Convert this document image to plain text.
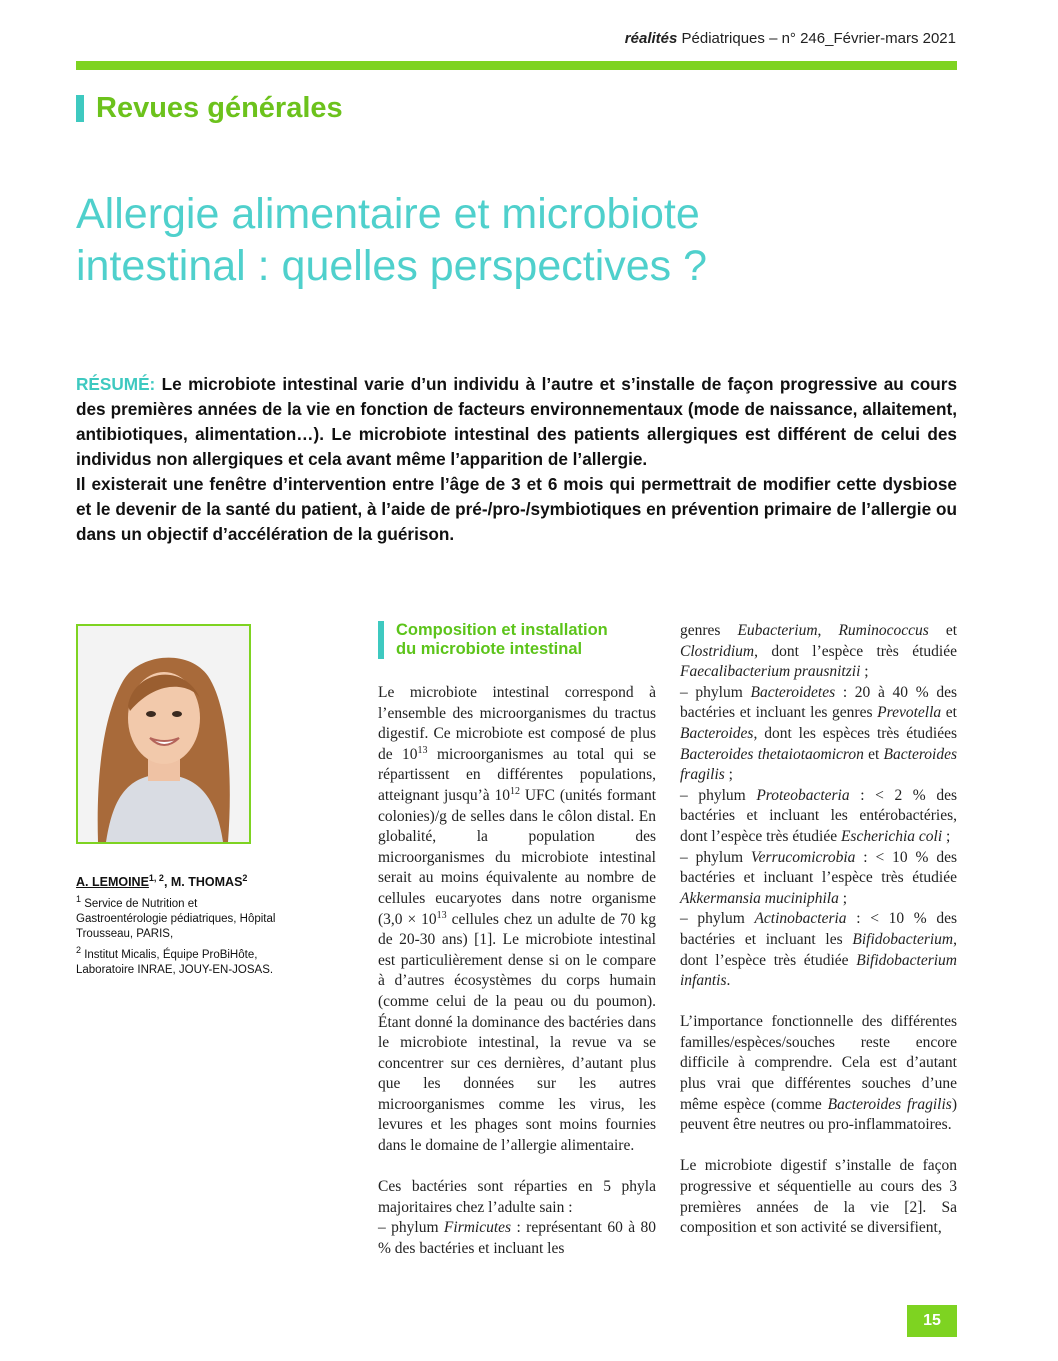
réalités Pédiatriques – n° 246_Février-mars 2021
Revues générales
Allergie alimentaire et microbiote
intestinal : quelles perspectives ?

RÉSUMÉ: Le microbiote intestinal varie d’un individu à l’autre et s’installe de façon progressive au cours des premières années de la vie en fonction de facteurs environnementaux (mode de naissance, allaitement, antibiotiques, alimentation…). Le microbiote intestinal des patients allergiques est différent de celui des individus non allergiques et cela avant même l’apparition de l’allergie.

Il existerait une fenêtre d’intervention entre l’âge de 3 et 6 mois qui permettrait de modifier cette dysbiose et le devenir de la santé du patient, à l’aide de pré-/pro-/symbiotiques en prévention primaire de l’allergie ou dans un objectif d’accélération de la guérison.

A. LEMOINE$^{1, 2}$, M. THOMAS$^2$
$^1$ Service de Nutrition et Gastroentérologie pédiatriques, Hôpital Trousseau, PARIS,
$^2$ Institut Micalis, Équipe ProBiHôte, Laboratoire INRAE, JOUY-EN-JOSAS.
Composition et installation
du microbiote intestinal

Le microbiote intestinal correspond à l’ensemble des microorganismes du tractus digestif. Ce microbiote est composé de plus de $10^{13}$ microorganismes au total qui se répartissent en différentes populations, atteignant jusqu’à $10^{12}$ UFC (unités formant colonies)/g de selles dans le côlon distal. En globalité, la population des microorganismes du microbiote intestinal serait au moins équivalente au nombre de cellules eucaryotes dans notre organisme ($3,0 \times 10^{13}$ cellules chez un adulte de 70 kg de 20-30 ans) [1]. Le microbiote intestinal est particulièrement dense si on le compare à d’autres écosystèmes du corps humain (comme celui de la peau ou du poumon). Étant donné la dominance des bactéries dans le microbiote intestinal, la revue va se concentrer sur ces dernières, d’autant plus que les données sur les autres microorganismes comme les virus, les levures et les phages sont moins fournies dans le domaine de l’allergie alimentaire.

Ces bactéries sont réparties en 5 phyla majoritaires chez l’adulte sain :

– phylum Firmicutes : représentant 60 à 80 % des bactéries et incluant les

genres Eubacterium, Ruminococcus et Clostridium, dont l’espèce très étudiée Faecalibacterium prausnitzii ;

– phylum Bacteroidetes : 20 à 40 % des bactéries et incluant les genres Prevotella et Bacteroides, dont les espèces très étudiées Bacteroides thetaiotaomicron et Bacteroides fragilis ;

– phylum Proteobacteria : < 2 % des bactéries et incluant les entérobactéries, dont l’espèce très étudiée Escherichia coli ;

– phylum Verrucomicrobia : < 10 % des bactéries et incluant l’espèce très étudiée Akkermansia muciniphila ;

– phylum Actinobacteria : < 10 % des bactéries et incluant les Bifidobacterium, dont l’espèce très étudiée Bifidobacterium infantis.

L’importance fonctionnelle des différentes familles/espèces/souches reste encore difficile à comprendre. Cela est d’autant plus vrai que différentes souches d’une même espèce (comme Bacteroides fragilis) peuvent être neutres ou pro-inflammatoires.

Le microbiote digestif s’installe de façon progressive et séquentielle au cours des 3 premières années de la vie [2]. Sa composition et son activité se diversifient,

15
